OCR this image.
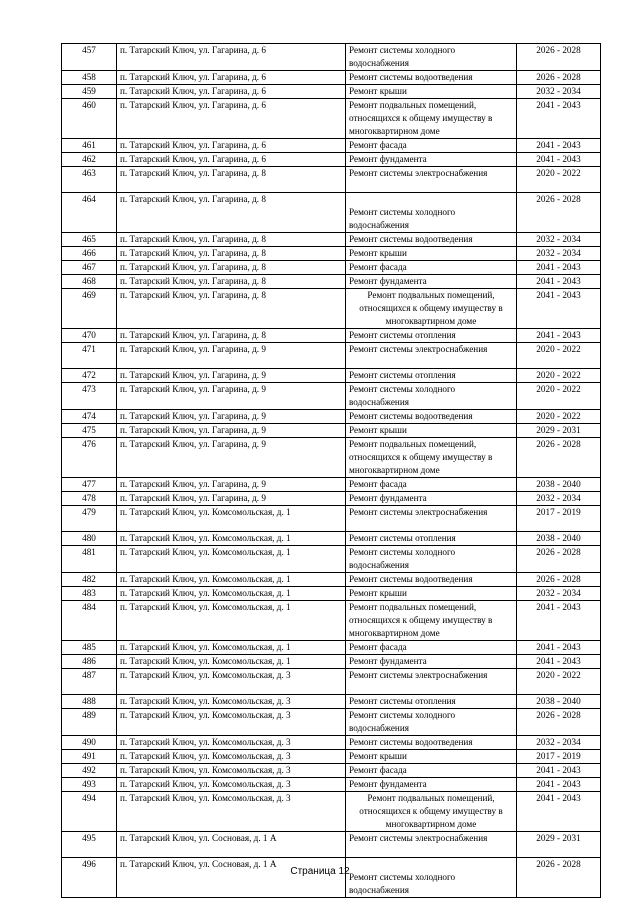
457	п. Татарский Ключ, ул. Гагарина, д. 6	Ремонт системы холодного водоснабжения	2026 - 2028
458	п. Татарский Ключ, ул. Гагарина, д. 6	Ремонт системы водоотведения	2026 - 2028
459	п. Татарский Ключ, ул. Гагарина, д. 6	Ремонт крыши	2032 - 2034
460	п. Татарский Ключ, ул. Гагарина, д. 6	Ремонт подвальных помещений, относящихся к общему имуществу в многоквартирном доме	2041 - 2043
461	п. Татарский Ключ, ул. Гагарина, д. 6	Ремонт фасада	2041 - 2043
462	п. Татарский Ключ, ул. Гагарина, д. 6	Ремонт фундамента	2041 - 2043
463	п. Татарский Ключ, ул. Гагарина, д. 8	Ремонт системы электроснабжения	2020 - 2022
464	п. Татарский Ключ, ул. Гагарина, д. 8	Ремонт системы холодного водоснабжения	2026 - 2028
465	п. Татарский Ключ, ул. Гагарина, д. 8	Ремонт системы водоотведения	2032 - 2034
466	п. Татарский Ключ, ул. Гагарина, д. 8	Ремонт крыши	2032 - 2034
467	п. Татарский Ключ, ул. Гагарина, д. 8	Ремонт фасада	2041 - 2043
468	п. Татарский Ключ, ул. Гагарина, д. 8	Ремонт фундамента	2041 - 2043
469	п. Татарский Ключ, ул. Гагарина, д. 8	Ремонт подвальных помещений, относящихся к общему имуществу в многоквартирном доме	2041 - 2043
470	п. Татарский Ключ, ул. Гагарина, д. 8	Ремонт системы отопления	2041 - 2043
471	п. Татарский Ключ, ул. Гагарина, д. 9	Ремонт системы электроснабжения	2020 - 2022
472	п. Татарский Ключ, ул. Гагарина, д. 9	Ремонт системы отопления	2020 - 2022
473	п. Татарский Ключ, ул. Гагарина, д. 9	Ремонт системы холодного водоснабжения	2020 - 2022
474	п. Татарский Ключ, ул. Гагарина, д. 9	Ремонт системы водоотведения	2020 - 2022
475	п. Татарский Ключ, ул. Гагарина, д. 9	Ремонт крыши	2029 - 2031
476	п. Татарский Ключ, ул. Гагарина, д. 9	Ремонт подвальных помещений, относящихся к общему имуществу в многоквартирном доме	2026 - 2028
477	п. Татарский Ключ, ул. Гагарина, д. 9	Ремонт фасада	2038 - 2040
478	п. Татарский Ключ, ул. Гагарина, д. 9	Ремонт фундамента	2032 - 2034
479	п. Татарский Ключ, ул. Комсомольская, д. 1	Ремонт системы электроснабжения	2017 - 2019
480	п. Татарский Ключ, ул. Комсомольская, д. 1	Ремонт системы отопления	2038 - 2040
481	п. Татарский Ключ, ул. Комсомольская, д. 1	Ремонт системы холодного водоснабжения	2026 - 2028
482	п. Татарский Ключ, ул. Комсомольская, д. 1	Ремонт системы водоотведения	2026 - 2028
483	п. Татарский Ключ, ул. Комсомольская, д. 1	Ремонт крыши	2032 - 2034
484	п. Татарский Ключ, ул. Комсомольская, д. 1	Ремонт подвальных помещений, относящихся к общему имуществу в многоквартирном доме	2041 - 2043
485	п. Татарский Ключ, ул. Комсомольская, д. 1	Ремонт фасада	2041 - 2043
486	п. Татарский Ключ, ул. Комсомольская, д. 1	Ремонт фундамента	2041 - 2043
487	п. Татарский Ключ, ул. Комсомольская, д. 3	Ремонт системы электроснабжения	2020 - 2022
488	п. Татарский Ключ, ул. Комсомольская, д. 3	Ремонт системы отопления	2038 - 2040
489	п. Татарский Ключ, ул. Комсомольская, д. 3	Ремонт системы холодного водоснабжения	2026 - 2028
490	п. Татарский Ключ, ул. Комсомольская, д. 3	Ремонт системы водоотведения	2032 - 2034
491	п. Татарский Ключ, ул. Комсомольская, д. 3	Ремонт крыши	2017 - 2019
492	п. Татарский Ключ, ул. Комсомольская, д. 3	Ремонт фасада	2041 - 2043
493	п. Татарский Ключ, ул. Комсомольская, д. 3	Ремонт фундамента	2041 - 2043
494	п. Татарский Ключ, ул. Комсомольская, д. 3	Ремонт подвальных помещений, относящихся к общему имуществу в многоквартирном доме	2041 - 2043
495	п. Татарский Ключ, ул. Сосновая, д. 1 А	Ремонт системы электроснабжения	2029 - 2031
496	п. Татарский Ключ, ул. Сосновая, д. 1 А	Ремонт системы холодного водоснабжения	2026 - 2028
Страница 12
